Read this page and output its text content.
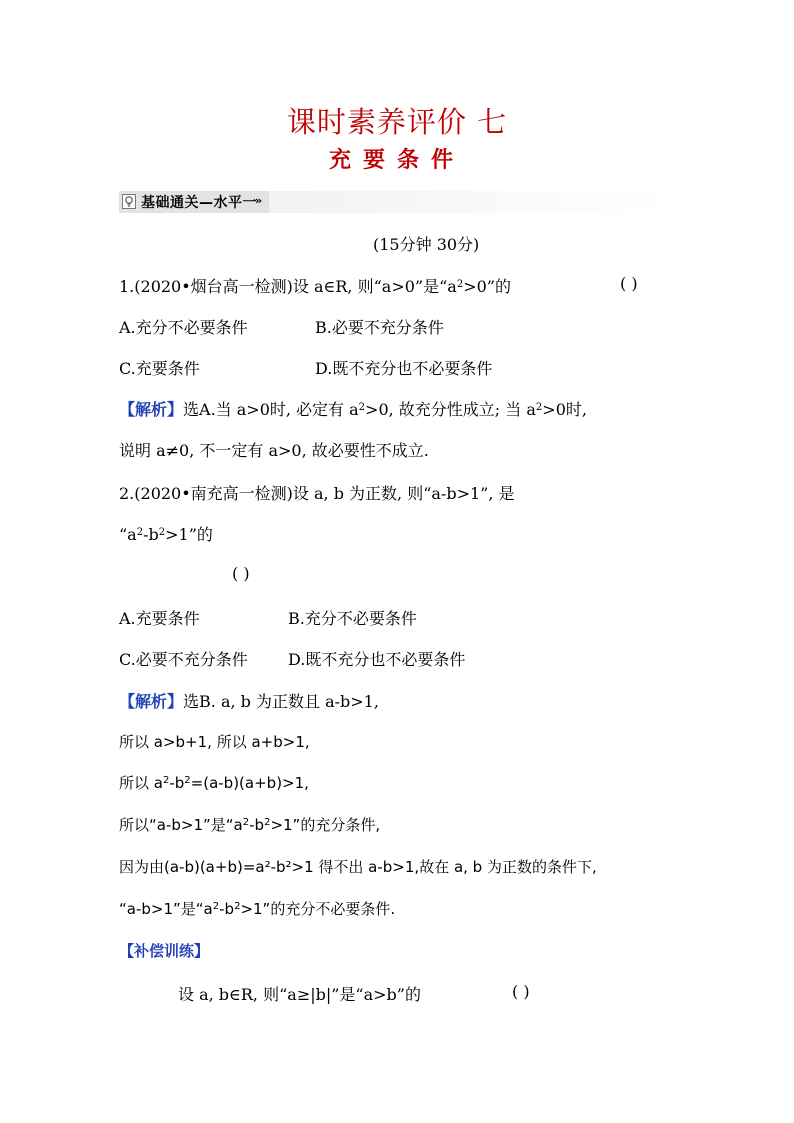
课时素养评价 七
充要条件
基础通关—水平一
»
(15分钟 30分)
1.(2020•烟台高一检测)设 a∈R, 则“a>0”是“$a^2>0$”的	( )
A.充分不必要条件	B.必要不充分条件
C.充要条件	D.既不充分也不必要条件
【解析】选A.当 a>0时, 必定有 $a^2>0$, 故充分性成立; 当 $a^2>0$时,
说明 a≠0, 不一定有 a>0, 故必要性不成立.
2.(2020•南充高一检测)设 a, b 为正数, 则“a-b>1”, 是
“$a^2-b^2>1$”的
( )
A.充要条件	B.充分不必要条件
C.必要不充分条件	D.既不充分也不必要条件
【解析】选B. a, b 为正数且 a-b>1,
所以 a>b+1, 所以 a+b>1,
所以 $a^2-b^2=(a-b)(a+b)>1$,
所以“a-b>1”是“$a^2-b^2>1$”的充分条件,
因为由(a-b)(a+b)=a²-b²>1 得不出 a-b>1,故在 a, b 为正数的条件下,
“a-b>1”是“$a^2-b^2>1$”的充分不必要条件.
【补偿训练】
设 a, b∈R, 则“a≥|b|”是“a>b”的	( )
